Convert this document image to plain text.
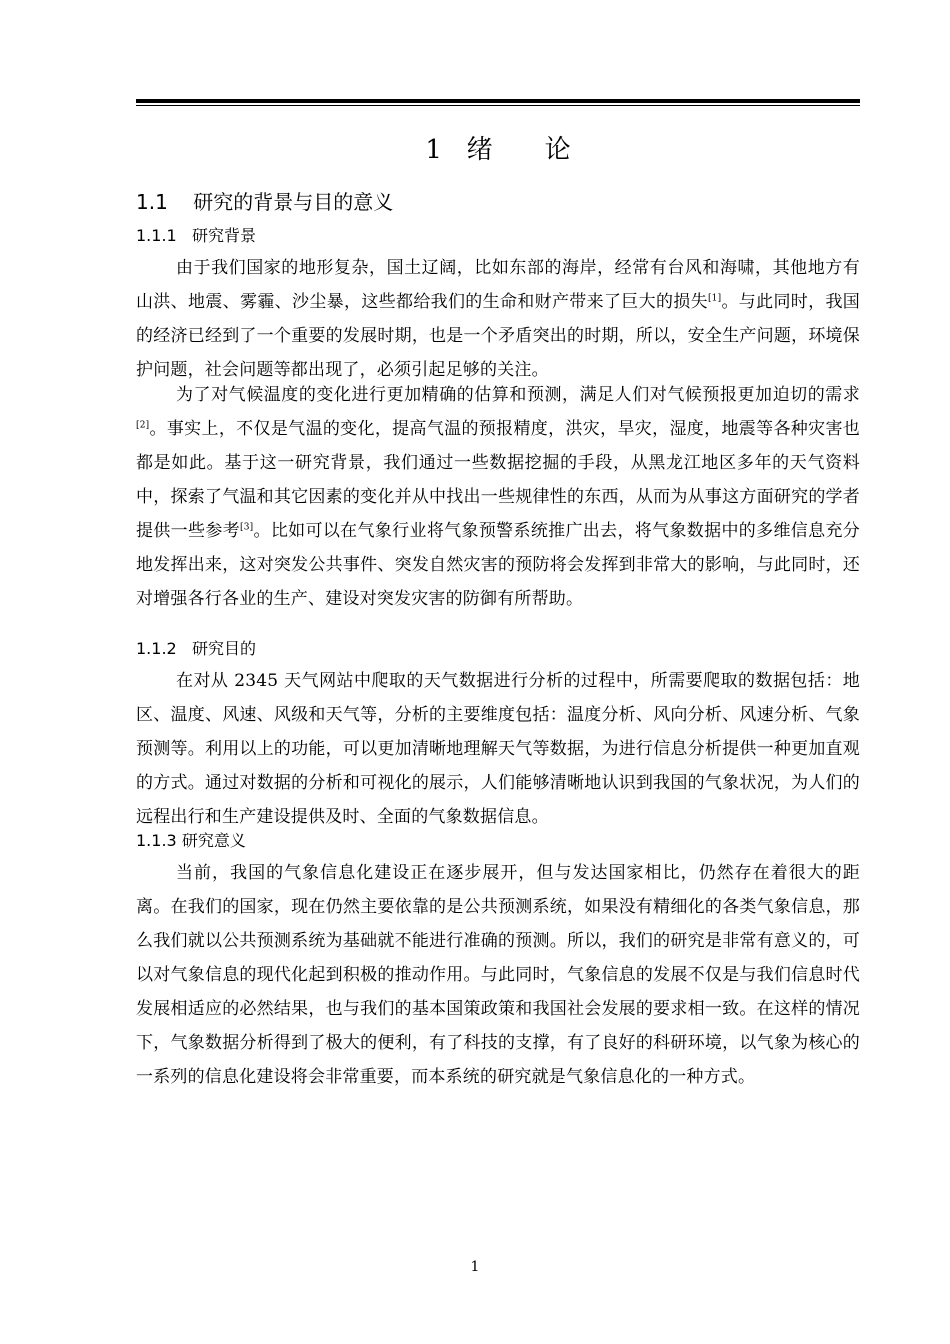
1 绪　　论
1.1 研究的背景与目的意义
1.1.1 研究背景
由于我们国家的地形复杂，国土辽阔，比如东部的海岸，经常有台风和海啸，其他地方有山洪、地震、雾霾、沙尘暴，这些都给我们的生命和财产带来了巨大的损失[1]。与此同时，我国的经济已经到了一个重要的发展时期，也是一个矛盾突出的时期，所以，安全生产问题，环境保护问题，社会问题等都出现了，必须引起足够的关注。
为了对气候温度的变化进行更加精确的估算和预测，满足人们对气候预报更加迫切的需求[2]。事实上，不仅是气温的变化，提高气温的预报精度，洪灾，旱灾，湿度，地震等各种灾害也都是如此。基于这一研究背景，我们通过一些数据挖掘的手段，从黑龙江地区多年的天气资料中，探索了气温和其它因素的变化并从中找出一些规律性的东西，从而为从事这方面研究的学者提供一些参考[3]。比如可以在气象行业将气象预警系统推广出去，将气象数据中的多维信息充分地发挥出来，这对突发公共事件、突发自然灾害的预防将会发挥到非常大的影响，与此同时，还对增强各行各业的生产、建设对突发灾害的防御有所帮助。
1.1.2 研究目的
在对从 2345 天气网站中爬取的天气数据进行分析的过程中，所需要爬取的数据包括：地区、温度、风速、风级和天气等，分析的主要维度包括：温度分析、风向分析、风速分析、气象预测等。利用以上的功能，可以更加清晰地理解天气等数据，为进行信息分析提供一种更加直观的方式。通过对数据的分析和可视化的展示，人们能够清晰地认识到我国的气象状况，为人们的远程出行和生产建设提供及时、全面的气象数据信息。
1.1.3 研究意义
当前，我国的气象信息化建设正在逐步展开，但与发达国家相比，仍然存在着很大的距离。在我们的国家，现在仍然主要依靠的是公共预测系统，如果没有精细化的各类气象信息，那么我们就以公共预测系统为基础就不能进行准确的预测。所以，我们的研究是非常有意义的，可以对气象信息的现代化起到积极的推动作用。与此同时，气象信息的发展不仅是与我们信息时代发展相适应的必然结果，也与我们的基本国策政策和我国社会发展的要求相一致。在这样的情况下，气象数据分析得到了极大的便利，有了科技的支撑，有了良好的科研环境，以气象为核心的一系列的信息化建设将会非常重要，而本系统的研究就是气象信息化的一种方式。
1
